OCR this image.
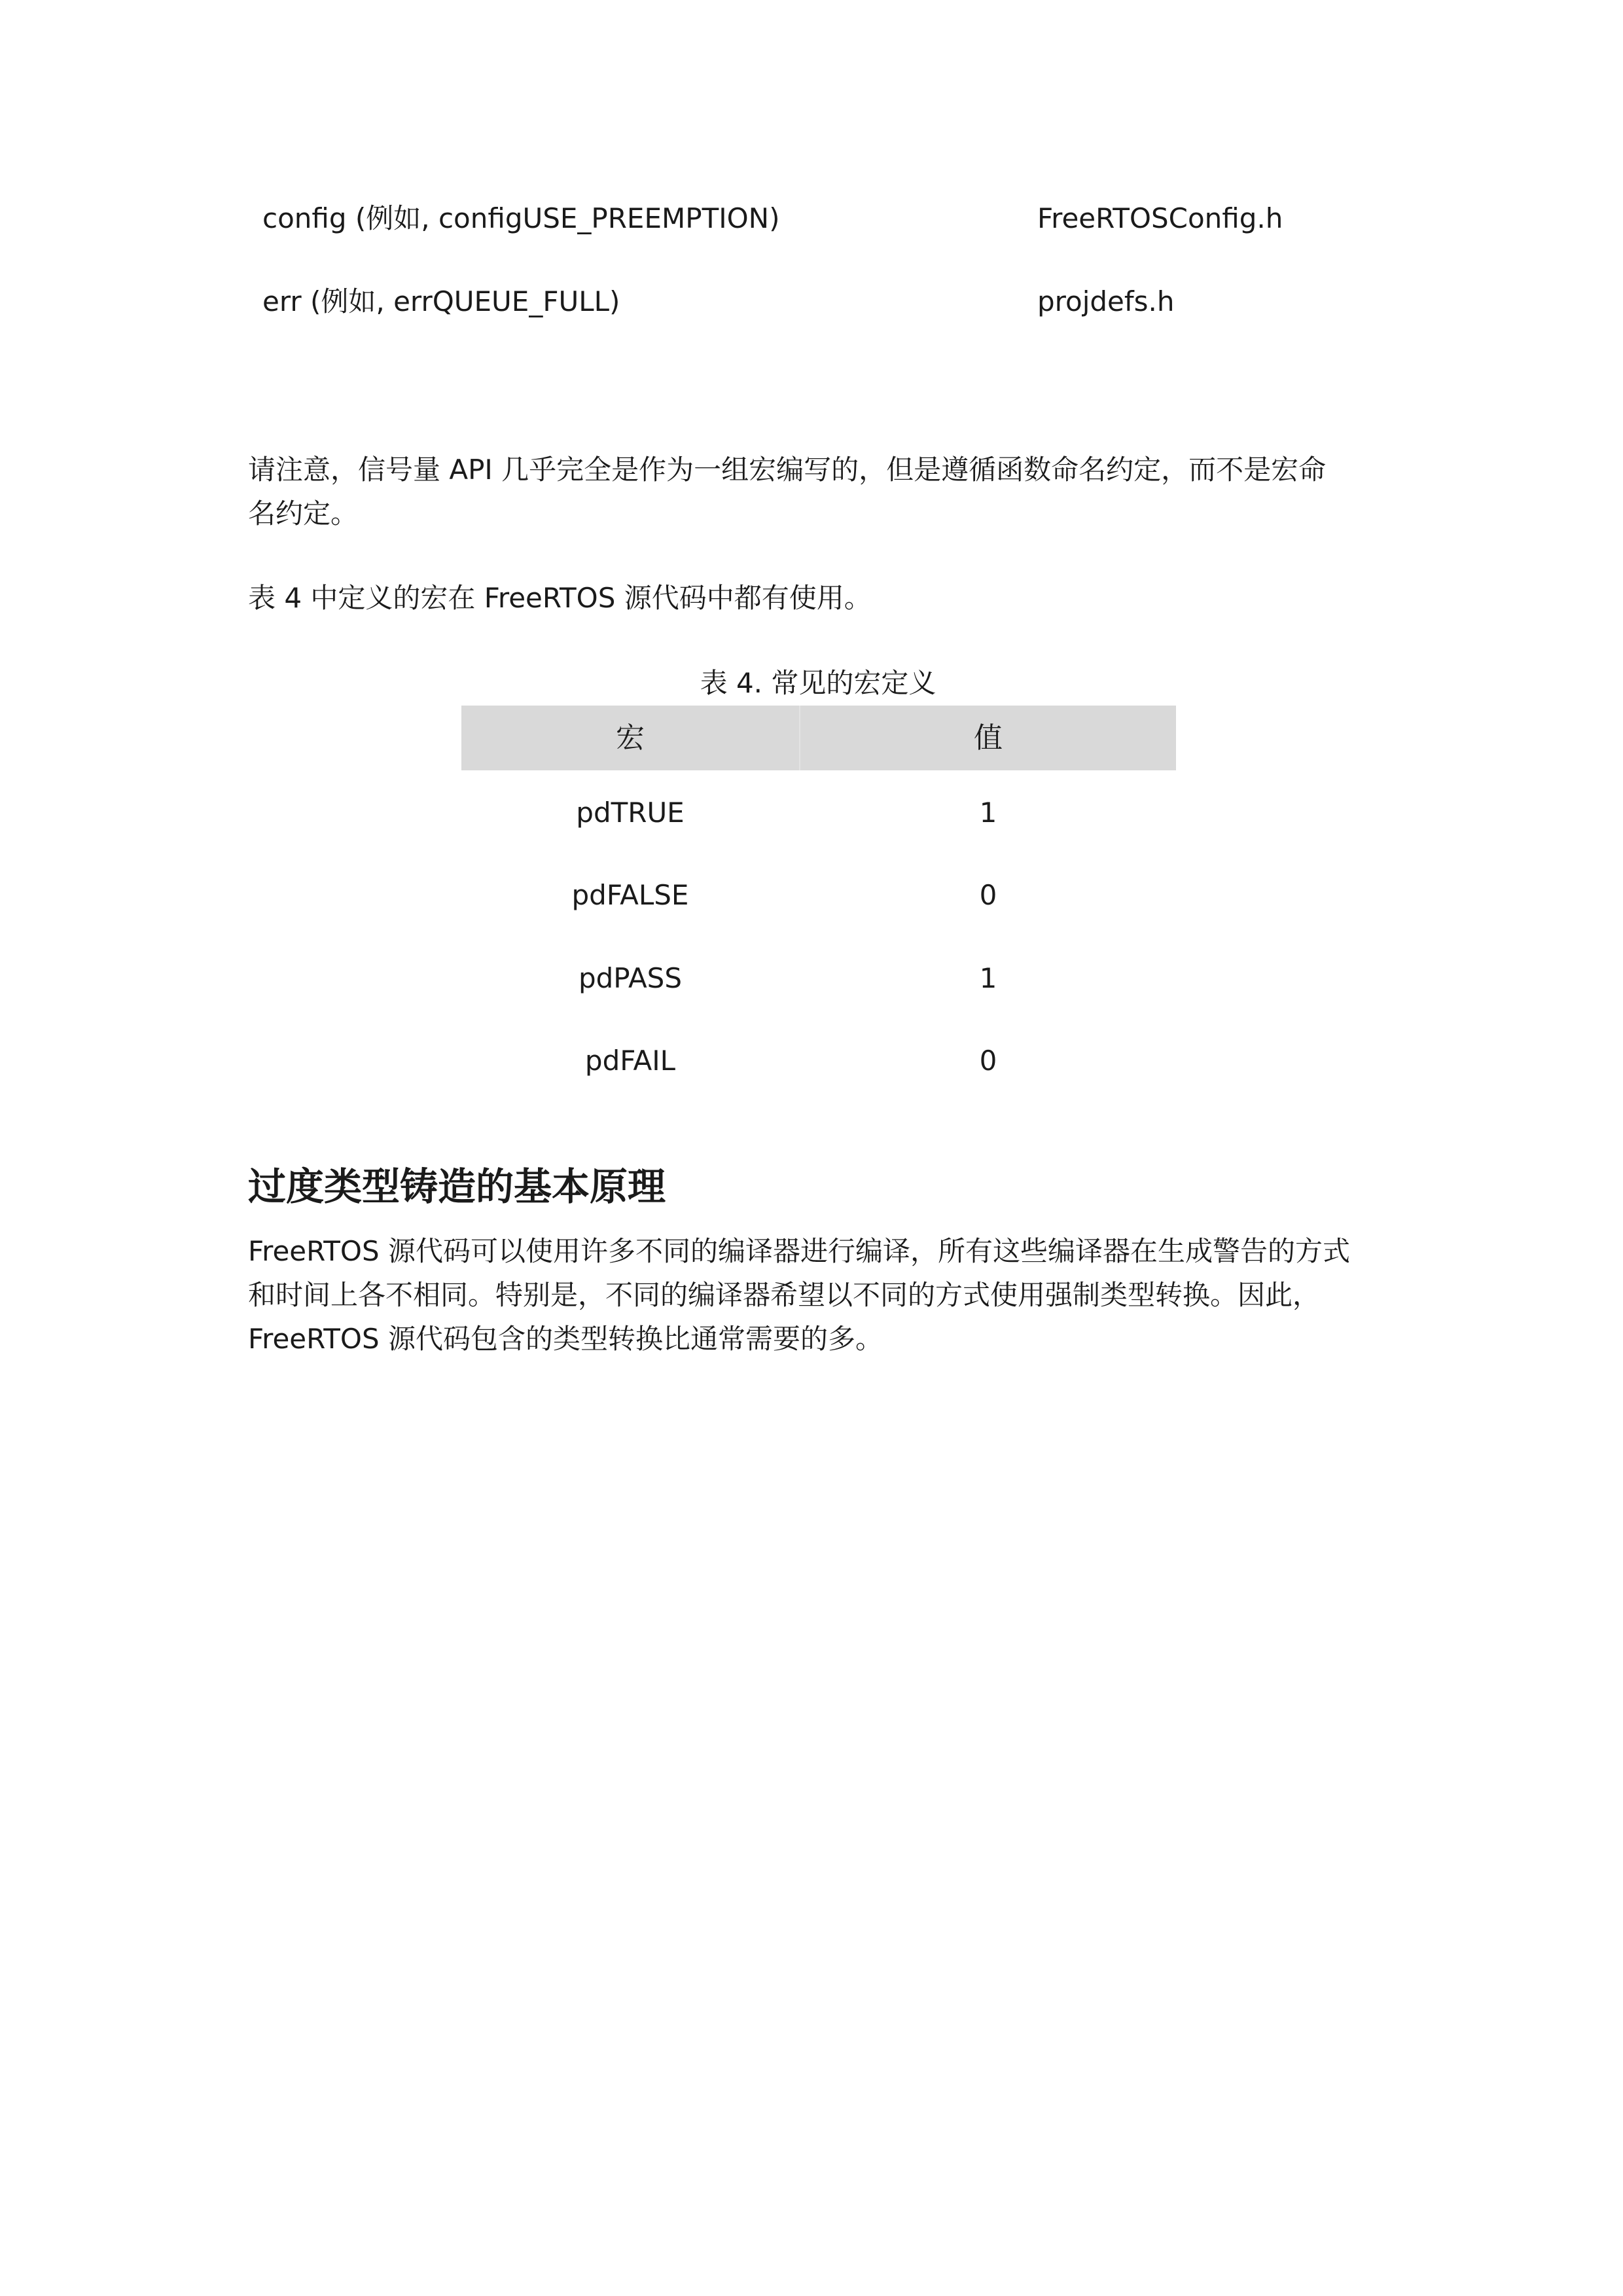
config (例如, configUSE_PREEMPTION)	FreeRTOSConfig.h
err (例如, errQUEUE_FULL)	projdefs.h
请注意，信号量 API 几乎完全是作为一组宏编写的，但是遵循函数命名约定，而不是宏命
名约定。
表 4 中定义的宏在 FreeRTOS 源代码中都有使用。
表 4. 常见的宏定义
宏	值
pdTRUE	1
pdFALSE	0
pdPASS	1
pdFAIL	0
过度类型铸造的基本原理
FreeRTOS 源代码可以使用许多不同的编译器进行编译，所有这些编译器在生成警告的方式
和时间上各不相同。特别是，不同的编译器希望以不同的方式使用强制类型转换。因此，
FreeRTOS 源代码包含的类型转换比通常需要的多。
